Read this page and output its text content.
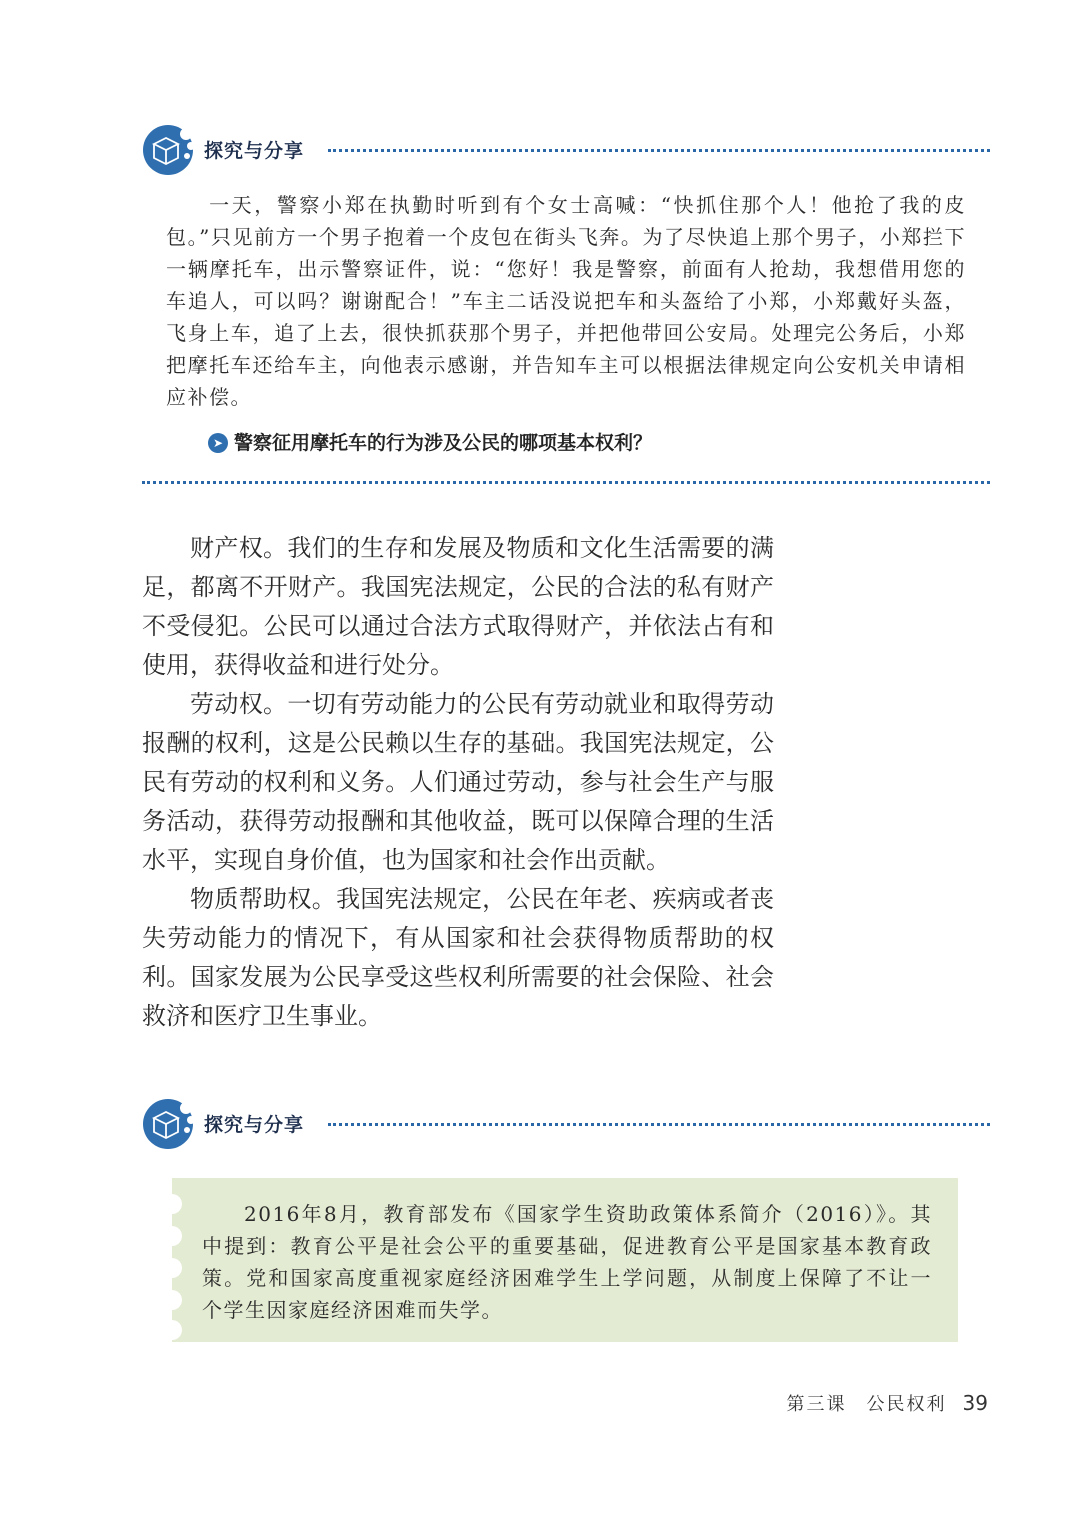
探究与分享

一天，警察小郑在执勤时听到有个女士高喊：“快抓住那个人！他抢了我的皮包。”只见前方一个男子抱着一个皮包在街头飞奔。为了尽快追上那个男子，小郑拦下一辆摩托车，出示警察证件，说：“您好！我是警察，前面有人抢劫，我想借用您的车追人，可以吗？谢谢配合！”车主二话没说把车和头盔给了小郑，小郑戴好头盔，飞身上车，追了上去，很快抓获那个男子，并把他带回公安局。处理完公务后，小郑把摩托车还给车主，向他表示感谢，并告知车主可以根据法律规定向公安机关申请相应补偿。

➤ 警察征用摩托车的行为涉及公民的哪项基本权利？

财产权。我们的生存和发展及物质和文化生活需要的满足，都离不开财产。我国宪法规定，公民的合法的私有财产不受侵犯。公民可以通过合法方式取得财产，并依法占有和使用，获得收益和进行处分。

劳动权。一切有劳动能力的公民有劳动就业和取得劳动报酬的权利，这是公民赖以生存的基础。我国宪法规定，公民有劳动的权利和义务。人们通过劳动，参与社会生产与服务活动，获得劳动报酬和其他收益，既可以保障合理的生活水平，实现自身价值，也为国家和社会作出贡献。

物质帮助权。我国宪法规定，公民在年老、疾病或者丧失劳动能力的情况下，有从国家和社会获得物质帮助的权利。国家发展为公民享受这些权利所需要的社会保险、社会救济和医疗卫生事业。

探究与分享

2016年8月，教育部发布《国家学生资助政策体系简介（2016）》。其中提到：教育公平是社会公平的重要基础，促进教育公平是国家基本教育政策。党和国家高度重视家庭经济困难学生上学问题，从制度上保障了不让一个学生因家庭经济困难而失学。

第三课　公民权利 39
